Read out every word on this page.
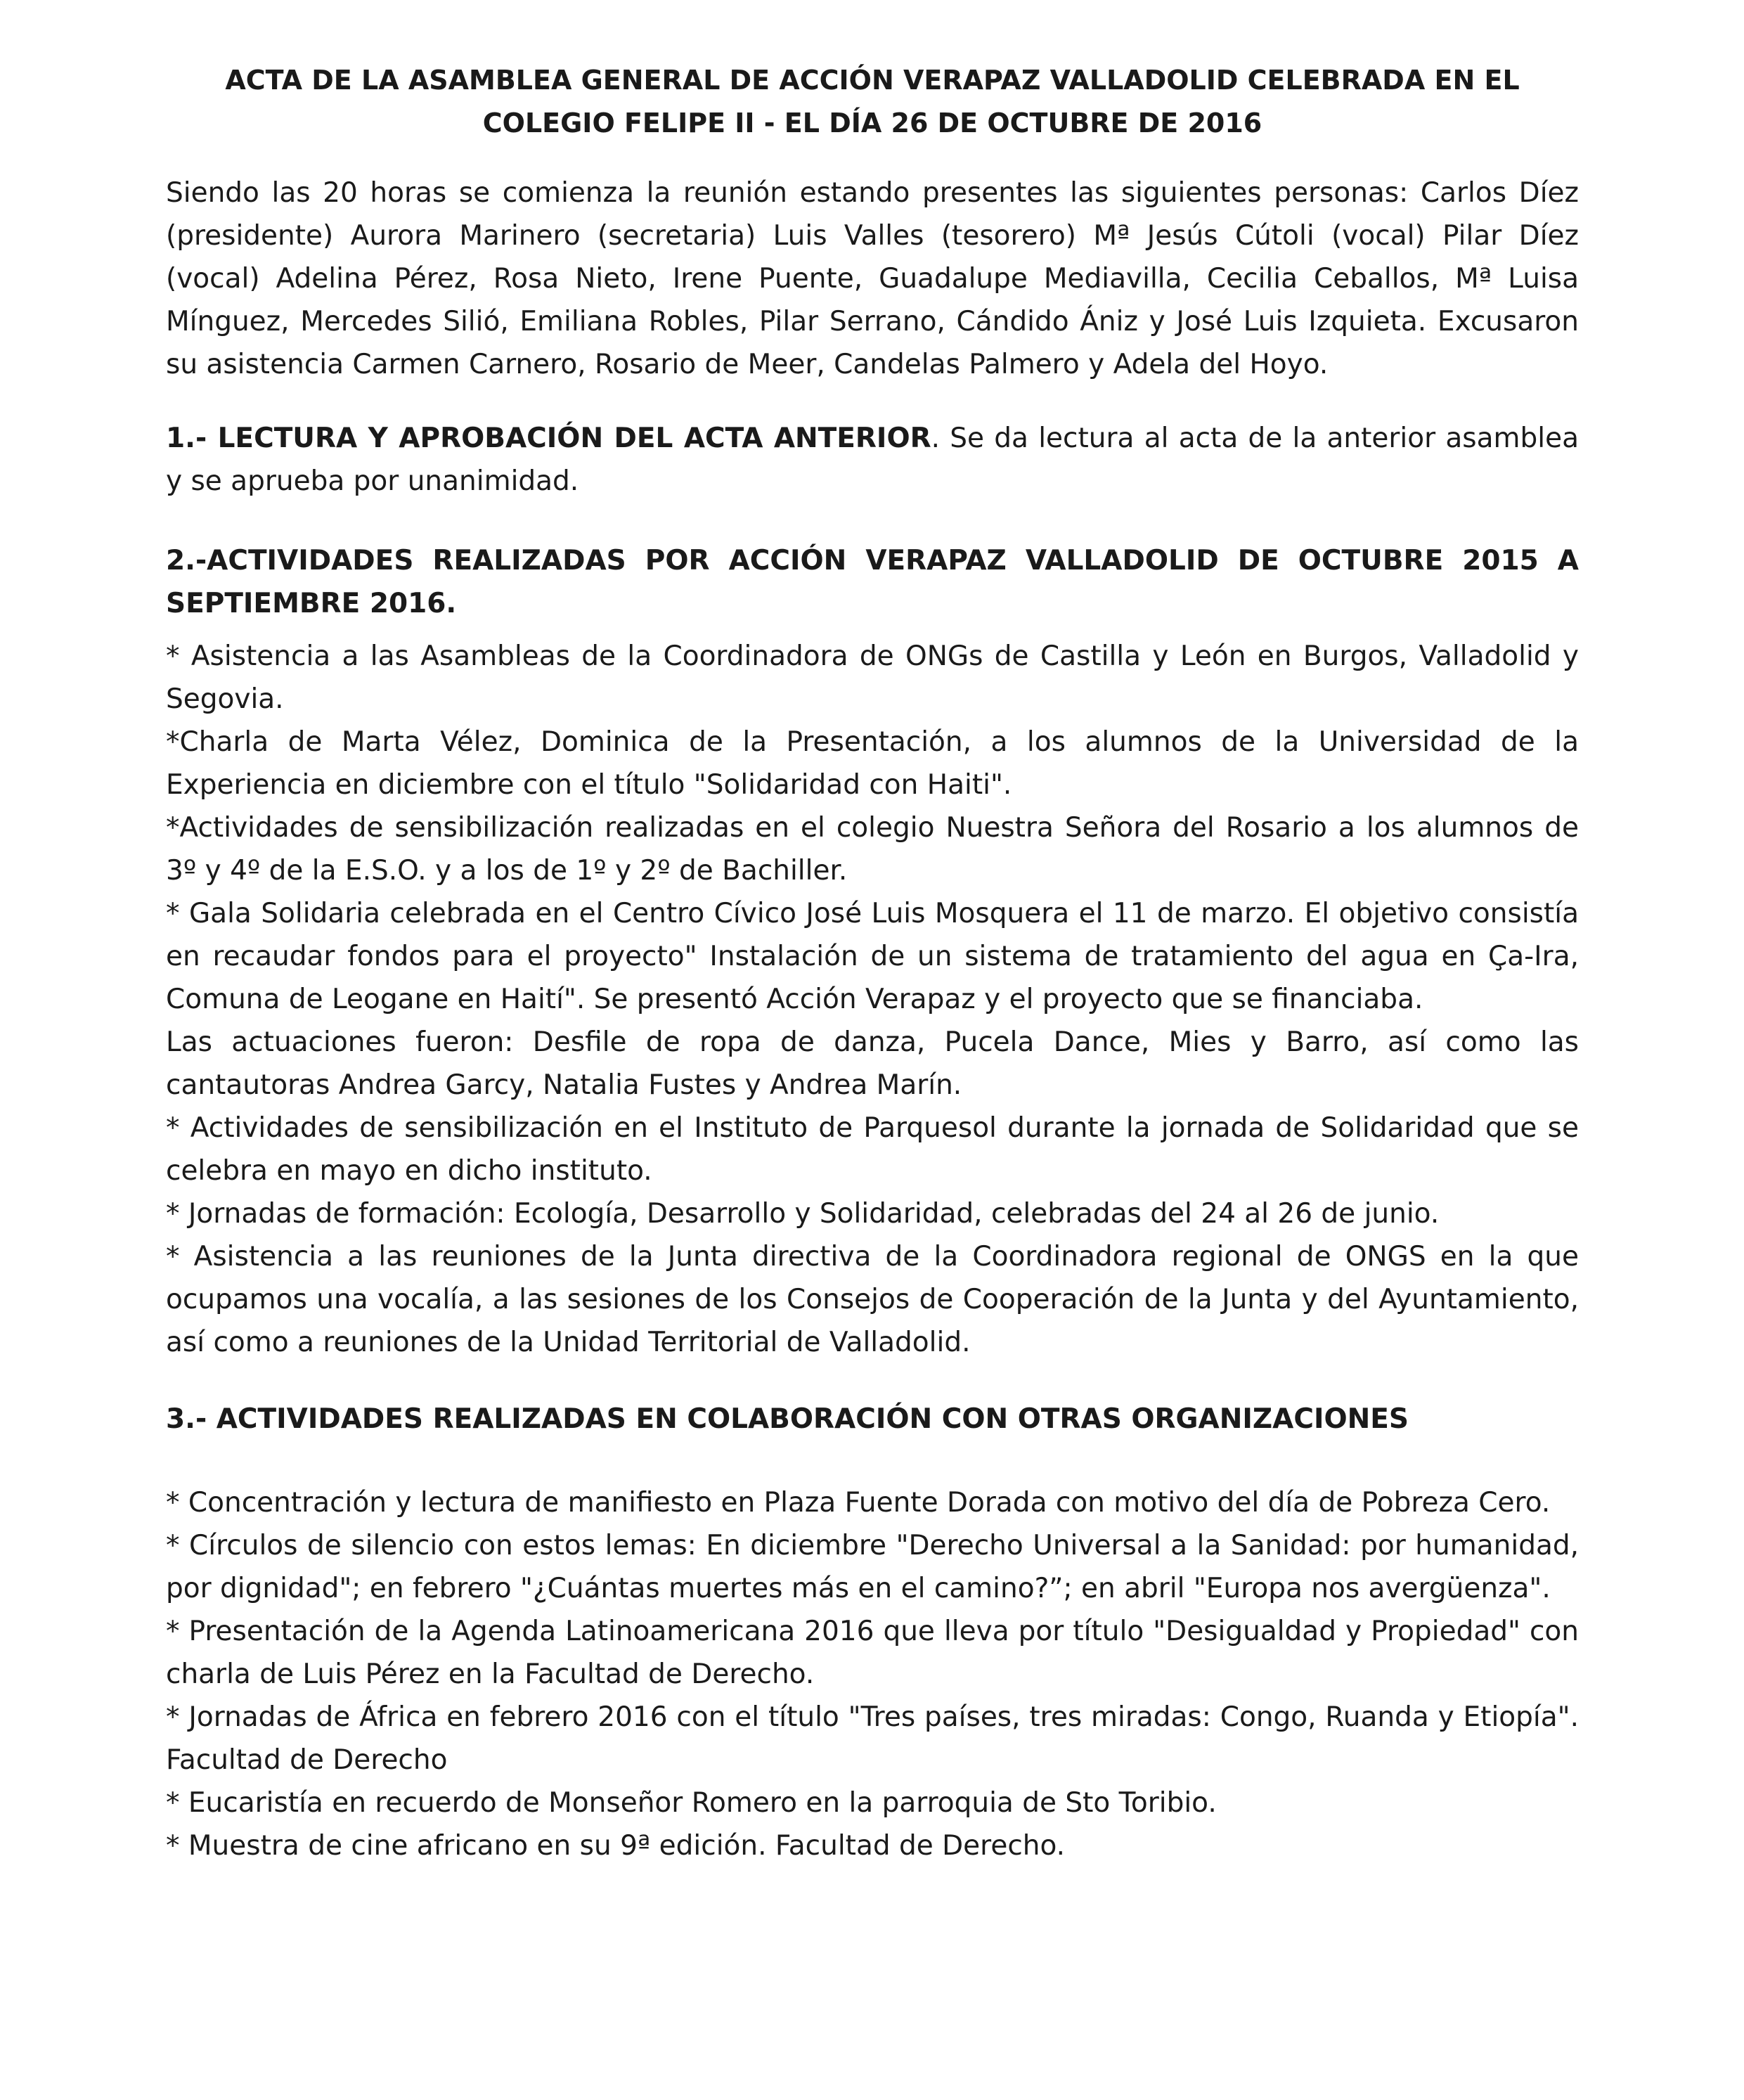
ACTA DE LA ASAMBLEA GENERAL DE ACCIÓN VERAPAZ VALLADOLID CELEBRADA EN EL
COLEGIO FELIPE II - EL DÍA 26 DE OCTUBRE DE 2016

Siendo las 20 horas se comienza la reunión estando presentes las siguientes personas: Carlos Díez (presidente) Aurora Marinero (secretaria) Luis Valles (tesorero) Mª Jesús Cútoli (vocal) Pilar Díez (vocal) Adelina Pérez, Rosa Nieto, Irene Puente, Guadalupe Mediavilla, Cecilia Ceballos, Mª Luisa Mínguez, Mercedes Silió, Emiliana Robles, Pilar Serrano, Cándido Ániz y José Luis Izquieta. Excusaron su asistencia Carmen Carnero, Rosario de Meer, Candelas Palmero y Adela del Hoyo.

1.- LECTURA Y APROBACIÓN DEL ACTA ANTERIOR. Se da lectura al acta de la anterior asamblea y se aprueba por unanimidad.

2.-ACTIVIDADES REALIZADAS POR ACCIÓN VERAPAZ VALLADOLID DE OCTUBRE 2015 A SEPTIEMBRE 2016.

* Asistencia a las Asambleas de la Coordinadora de ONGs de Castilla y León en Burgos, Valladolid y Segovia.

*Charla de Marta Vélez, Dominica de la Presentación, a los alumnos de la Universidad de la Experiencia en diciembre con el título "Solidaridad con Haiti".

*Actividades de sensibilización realizadas en el colegio Nuestra Señora del Rosario a los alumnos de 3º y 4º de la E.S.O. y a los de 1º y 2º de Bachiller.

* Gala Solidaria celebrada en el Centro Cívico José Luis Mosquera el 11 de marzo. El objetivo consistía en recaudar fondos para el proyecto" Instalación de un sistema de tratamiento del agua en Ça-Ira, Comuna de Leogane en Haití". Se presentó Acción Verapaz y el proyecto que se financiaba.

Las actuaciones fueron: Desfile de ropa de danza, Pucela Dance, Mies y Barro, así como las cantautoras Andrea Garcy, Natalia Fustes y Andrea Marín.

* Actividades de sensibilización en el Instituto de Parquesol durante la jornada de Solidaridad que se celebra en mayo en dicho instituto.

* Jornadas de formación: Ecología, Desarrollo y Solidaridad, celebradas del 24 al 26 de junio.

* Asistencia a las reuniones de la Junta directiva de la Coordinadora regional de ONGS en la que ocupamos una vocalía, a las sesiones de los Consejos de Cooperación de la Junta y del Ayuntamiento, así como a reuniones de la Unidad Territorial de Valladolid.

3.- ACTIVIDADES REALIZADAS EN COLABORACIÓN CON OTRAS ORGANIZACIONES

* Concentración y lectura de manifiesto en Plaza Fuente Dorada con motivo del día de Pobreza Cero.

* Círculos de silencio con estos lemas: En diciembre "Derecho Universal a la Sanidad: por humanidad, por dignidad"; en febrero "¿Cuántas muertes más en el camino?”; en abril "Europa nos avergüenza".

* Presentación de la Agenda Latinoamericana 2016 que lleva por título "Desigualdad y Propiedad" con charla de Luis Pérez en la Facultad de Derecho.

* Jornadas de África en febrero 2016 con el título "Tres países, tres miradas: Congo, Ruanda y Etiopía". Facultad de Derecho

* Eucaristía en recuerdo de Monseñor Romero en la parroquia de Sto Toribio.

* Muestra de cine africano en su 9ª edición. Facultad de Derecho.
